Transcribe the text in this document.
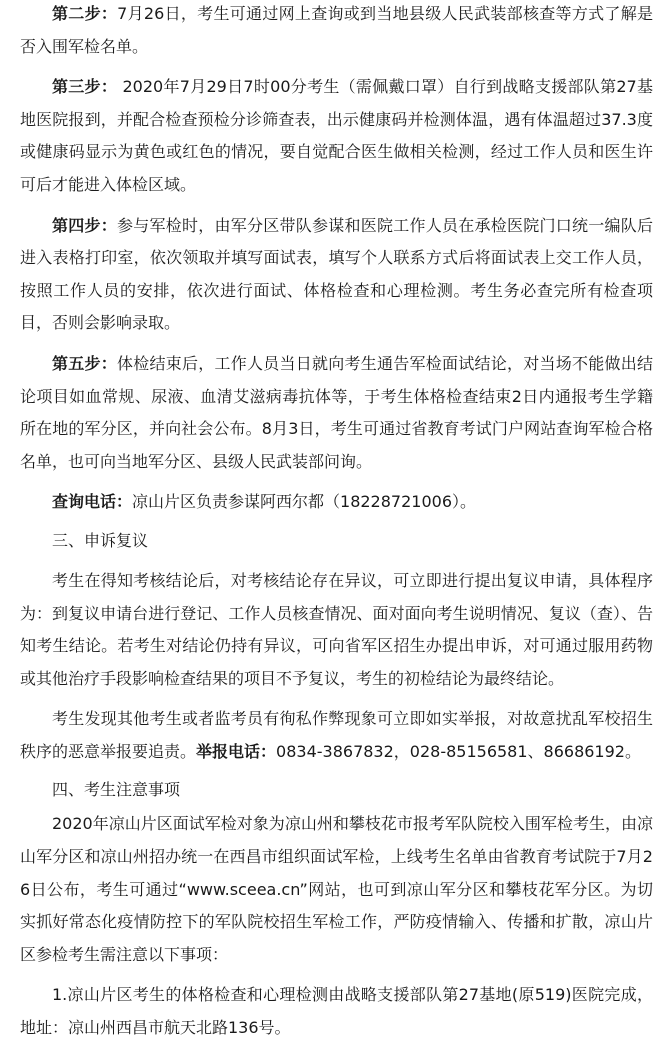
第二步：7月26日，考生可通过网上查询或到当地县级人民武装部核查等方式了解是否入围军检名单。

第三步： 2020年7月29日7时00分考生（需佩戴口罩）自行到战略支援部队第27基地医院报到，并配合检查预检分诊筛查表，出示健康码并检测体温，遇有体温超过37.3度或健康码显示为黄色或红色的情况，要自觉配合医生做相关检测，经过工作人员和医生许可后才能进入体检区域。

第四步：参与军检时，由军分区带队参谋和医院工作人员在承检医院门口统一编队后进入表格打印室，依次领取并填写面试表，填写个人联系方式后将面试表上交工作人员，按照工作人员的安排，依次进行面试、体格检查和心理检测。考生务必查完所有检查项目，否则会影响录取。

第五步：体检结束后，工作人员当日就向考生通告军检面试结论，对当场不能做出结论项目如血常规、尿液、血清艾滋病毒抗体等，于考生体格检查结束2日内通报考生学籍所在地的军分区，并向社会公布。8月3日，考生可通过省教育考试门户网站查询军检合格名单，也可向当地军分区、县级人民武装部问询。

查询电话：凉山片区负责参谋阿西尔都（18228721006）。

三、申诉复议

考生在得知考核结论后，对考核结论存在异议，可立即进行提出复议申请，具体程序为：到复议申请台进行登记、工作人员核查情况、面对面向考生说明情况、复议（查）、告知考生结论。若考生对结论仍持有异议，可向省军区招生办提出申诉，对可通过服用药物或其他治疗手段影响检查结果的项目不予复议，考生的初检结论为最终结论。

考生发现其他考生或者监考员有徇私作弊现象可立即如实举报，对故意扰乱军校招生秩序的恶意举报要追责。举报电话：0834-3867832，028-85156581、86686192。

四、考生注意事项

2020年凉山片区面试军检对象为凉山州和攀枝花市报考军队院校入围军检考生，由凉山军分区和凉山州招办统一在西昌市组织面试军检，上线考生名单由省教育考试院于7月26日公布，考生可通过“www.sceea.cn”网站，也可到凉山军分区和攀枝花军分区。为切实抓好常态化疫情防控下的军队院校招生军检工作，严防疫情输入、传播和扩散，凉山片区参检考生需注意以下事项：

1.凉山片区考生的体格检查和心理检测由战略支援部队第27基地(原519)医院完成，地址：凉山州西昌市航天北路136号。
